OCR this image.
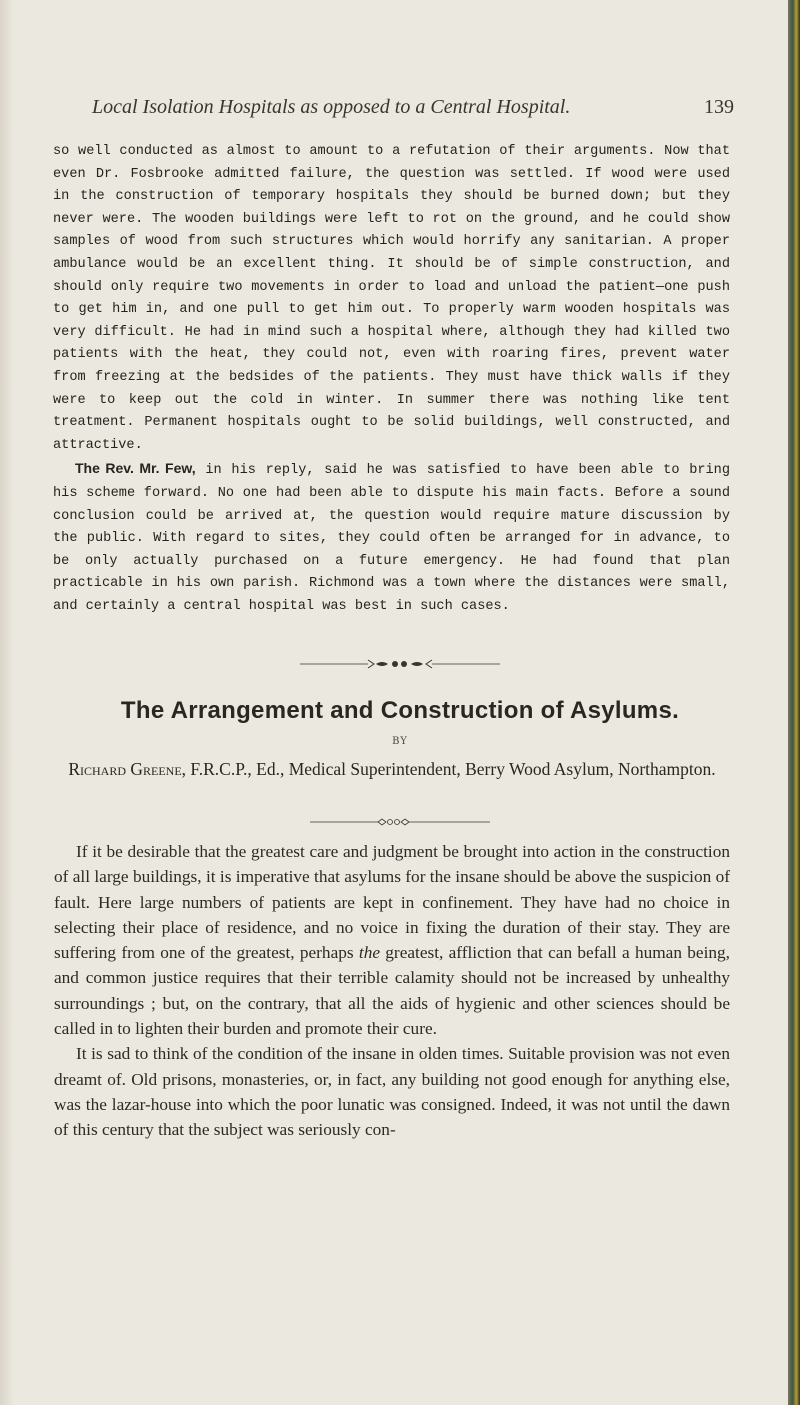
Local Isolation Hospitals as opposed to a Central Hospital.	139

so well conducted as almost to amount to a refutation of their arguments. Now that even Dr. Fosbrooke admitted failure, the question was settled. If wood were used in the construction of temporary hospitals they should be burned down; but they never were. The wooden buildings were left to rot on the ground, and he could show samples of wood from such structures which would horrify any sanitarian. A proper ambulance would be an excellent thing. It should be of simple construction, and should only require two movements in order to load and unload the patient—one push to get him in, and one pull to get him out. To properly warm wooden hospitals was very difficult. He had in mind such a hospital where, although they had killed two patients with the heat, they could not, even with roaring fires, prevent water from freezing at the bedsides of the patients. They must have thick walls if they were to keep out the cold in winter. In summer there was nothing like tent treatment. Permanent hospitals ought to be solid buildings, well constructed, and attractive.

The Rev. Mr. Few, in his reply, said he was satisfied to have been able to bring his scheme forward. No one had been able to dispute his main facts. Before a sound conclusion could be arrived at, the question would require mature discussion by the public. With regard to sites, they could often be arranged for in advance, to be only actually purchased on a future emergency. He had found that plan practicable in his own parish. Richmond was a town where the distances were small, and certainly a central hospital was best in such cases.

The Arrangement and Construction of Asylums.
BY
Richard Greene, F.R.C.P., Ed., Medical Superintendent, Berry Wood Asylum, Northampton.

If it be desirable that the greatest care and judgment be brought into action in the construction of all large buildings, it is imperative that asylums for the insane should be above the suspicion of fault. Here large numbers of patients are kept in confinement. They have had no choice in selecting their place of residence, and no voice in fixing the duration of their stay. They are suffering from one of the greatest, perhaps the greatest, affliction that can befall a human being, and common justice requires that their terrible calamity should not be increased by unhealthy surroundings ; but, on the contrary, that all the aids of hygienic and other sciences should be called in to lighten their burden and promote their cure.

It is sad to think of the condition of the insane in olden times. Suitable provision was not even dreamt of. Old prisons, monasteries, or, in fact, any building not good enough for anything else, was the lazar-house into which the poor lunatic was consigned. Indeed, it was not until the dawn of this century that the subject was seriously con-
